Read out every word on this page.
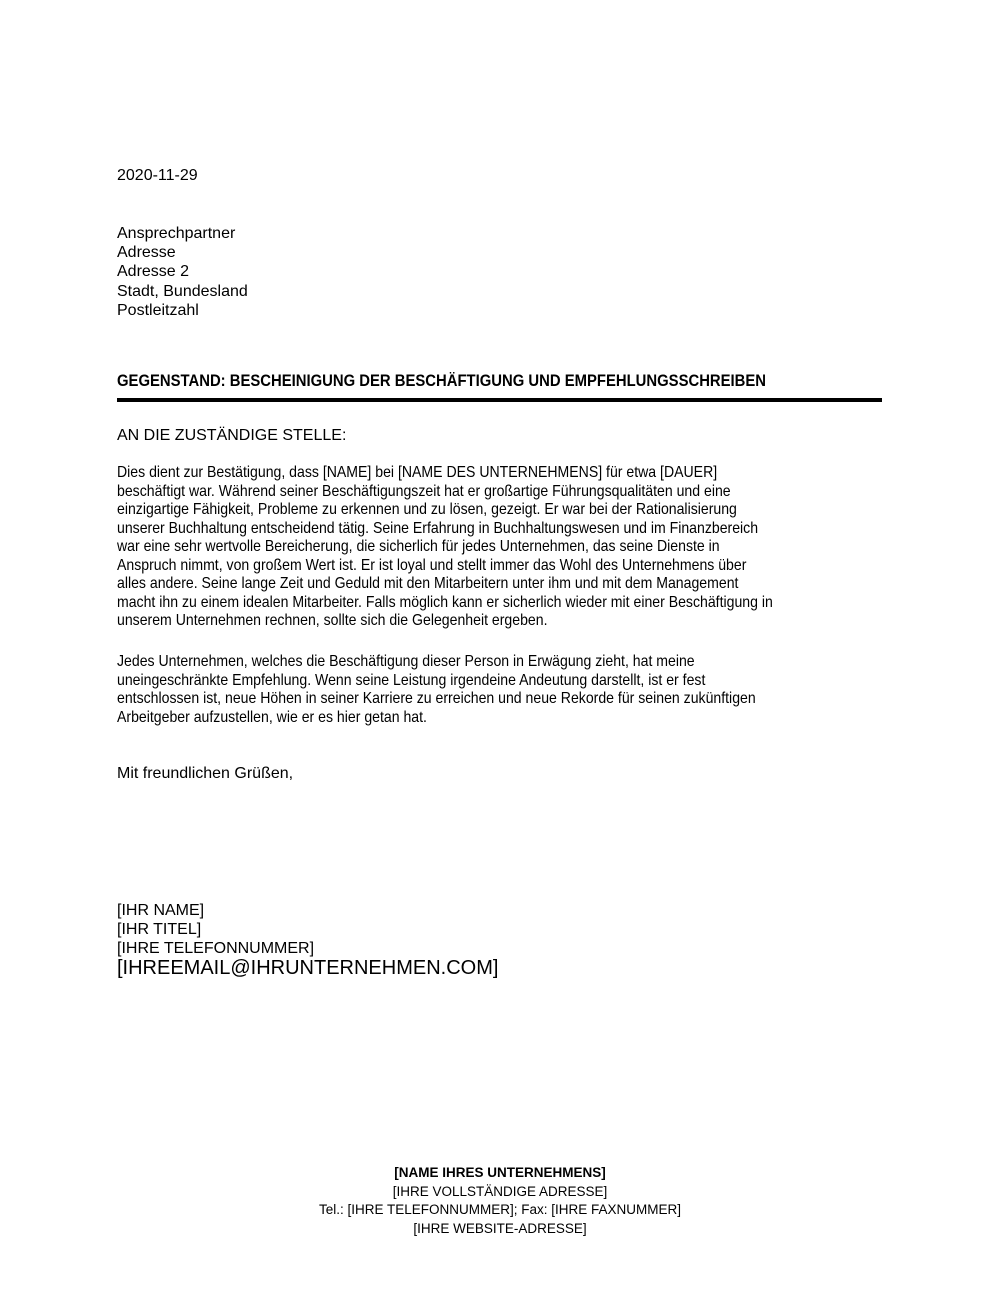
2020-11-29
Ansprechpartner
Adresse
Adresse 2
Stadt, Bundesland
Postleitzahl
GEGENSTAND: BESCHEINIGUNG DER BESCHÄFTIGUNG UND EMPFEHLUNGSSCHREIBEN
AN DIE ZUSTÄNDIGE STELLE:
Dies dient zur Bestätigung, dass [NAME] bei [NAME DES UNTERNEHMENS] für etwa [DAUER]
beschäftigt war. Während seiner Beschäftigungszeit hat er großartige Führungsqualitäten und eine
einzigartige Fähigkeit, Probleme zu erkennen und zu lösen, gezeigt. Er war bei der Rationalisierung
unserer Buchhaltung entscheidend tätig. Seine Erfahrung in Buchhaltungswesen und im Finanzbereich
war eine sehr wertvolle Bereicherung, die sicherlich für jedes Unternehmen, das seine Dienste in
Anspruch nimmt, von großem Wert ist. Er ist loyal und stellt immer das Wohl des Unternehmens über
alles andere. Seine lange Zeit und Geduld mit den Mitarbeitern unter ihm und mit dem Management
macht ihn zu einem idealen Mitarbeiter. Falls möglich kann er sicherlich wieder mit einer Beschäftigung in
unserem Unternehmen rechnen, sollte sich die Gelegenheit ergeben.
Jedes Unternehmen, welches die Beschäftigung dieser Person in Erwägung zieht, hat meine
uneingeschränkte Empfehlung. Wenn seine Leistung irgendeine Andeutung darstellt, ist er fest
entschlossen ist, neue Höhen in seiner Karriere zu erreichen und neue Rekorde für seinen zukünftigen
Arbeitgeber aufzustellen, wie er es hier getan hat.
Mit freundlichen Grüßen,
[IHR NAME]
[IHR TITEL]
[IHRE TELEFONNUMMER]
[IHREEMAIL@IHRUNTERNEHMEN.COM]
[NAME IHRES UNTERNEHMENS]
[IHRE VOLLSTÄNDIGE ADRESSE]
Tel.: [IHRE TELEFONNUMMER]; Fax: [IHRE FAXNUMMER]
[IHRE WEBSITE-ADRESSE]
